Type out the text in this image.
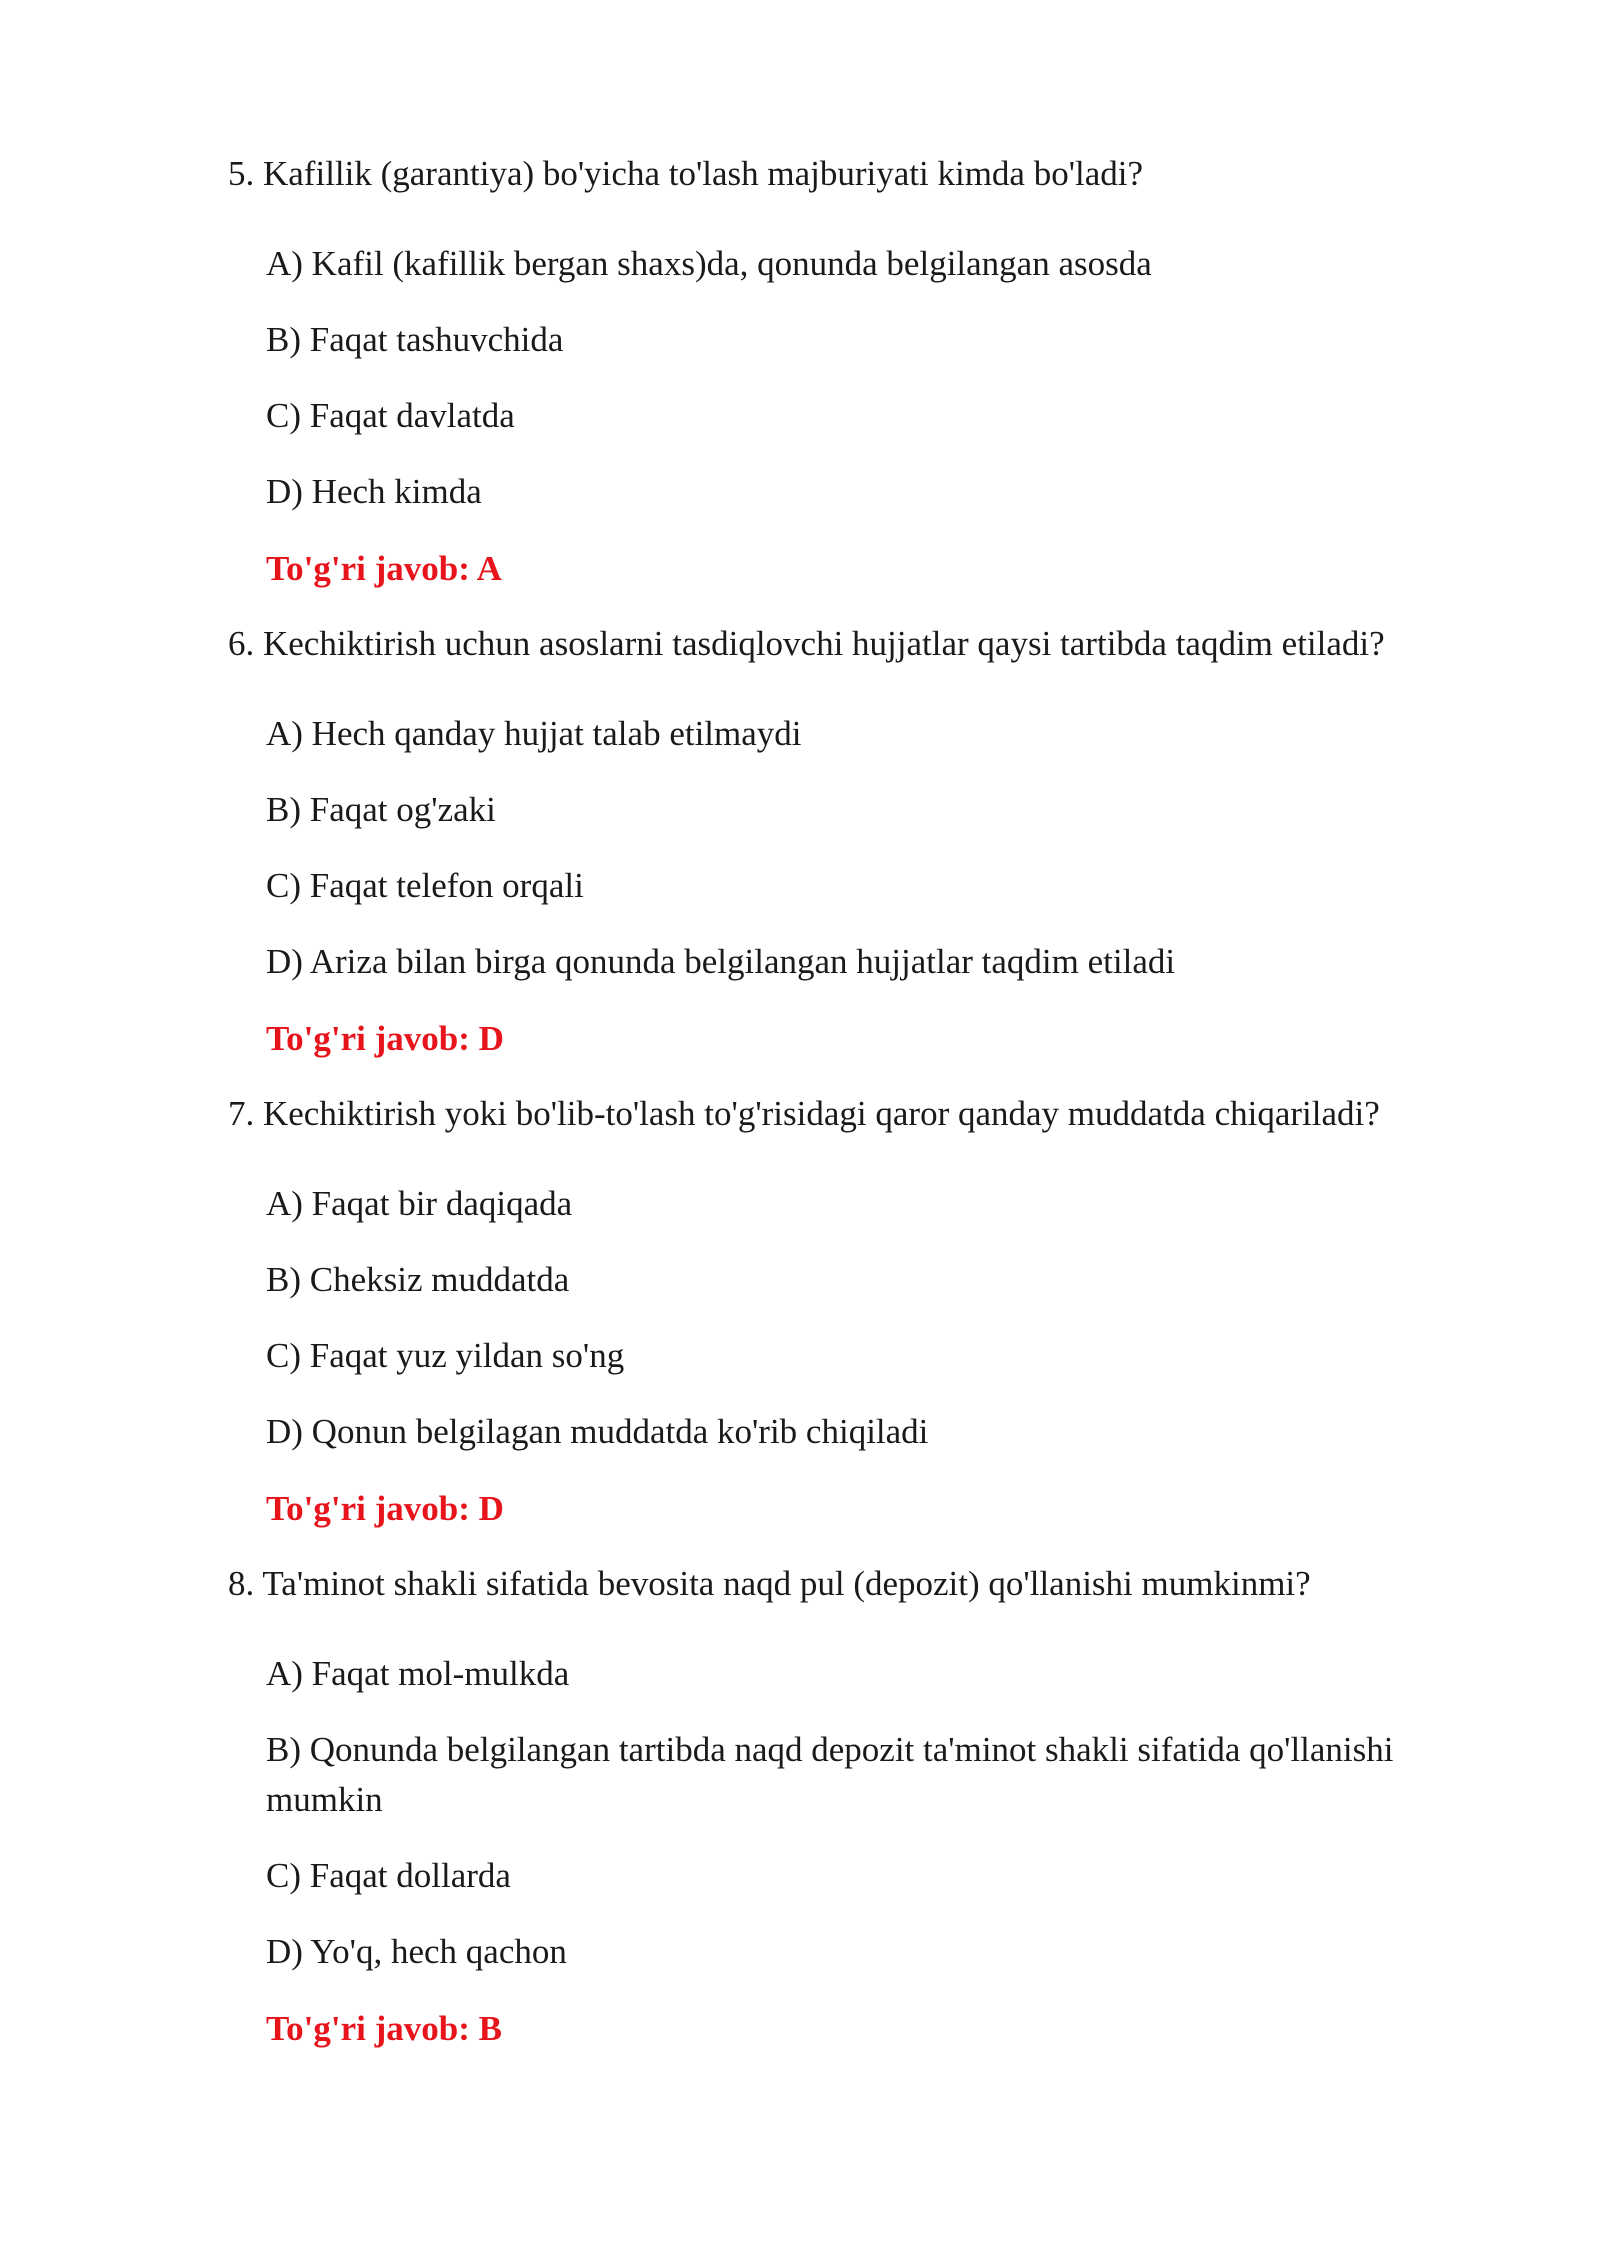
5. Kafillik (garantiya) bo'yicha to'lash majburiyati kimda bo'ladi?
A) Kafil (kafillik bergan shaxs)da, qonunda belgilangan asosda
B) Faqat tashuvchida
C) Faqat davlatda
D) Hech kimda
To'g'ri javob: A
6. Kechiktirish uchun asoslarni tasdiqlovchi hujjatlar qaysi tartibda taqdim etiladi?
A) Hech qanday hujjat talab etilmaydi
B) Faqat og'zaki
C) Faqat telefon orqali
D) Ariza bilan birga qonunda belgilangan hujjatlar taqdim etiladi
To'g'ri javob: D
7. Kechiktirish yoki bo'lib-to'lash to'g'risidagi qaror qanday muddatda chiqariladi?
A) Faqat bir daqiqada
B) Cheksiz muddatda
C) Faqat yuz yildan so'ng
D) Qonun belgilagan muddatda ko'rib chiqiladi
To'g'ri javob: D
8. Ta'minot shakli sifatida bevosita naqd pul (depozit) qo'llanishi mumkinmi?
A) Faqat mol-mulkda
B) Qonunda belgilangan tartibda naqd depozit ta'minot shakli sifatida qo'llanishi mumkin
C) Faqat dollarda
D) Yo'q, hech qachon
To'g'ri javob: B
